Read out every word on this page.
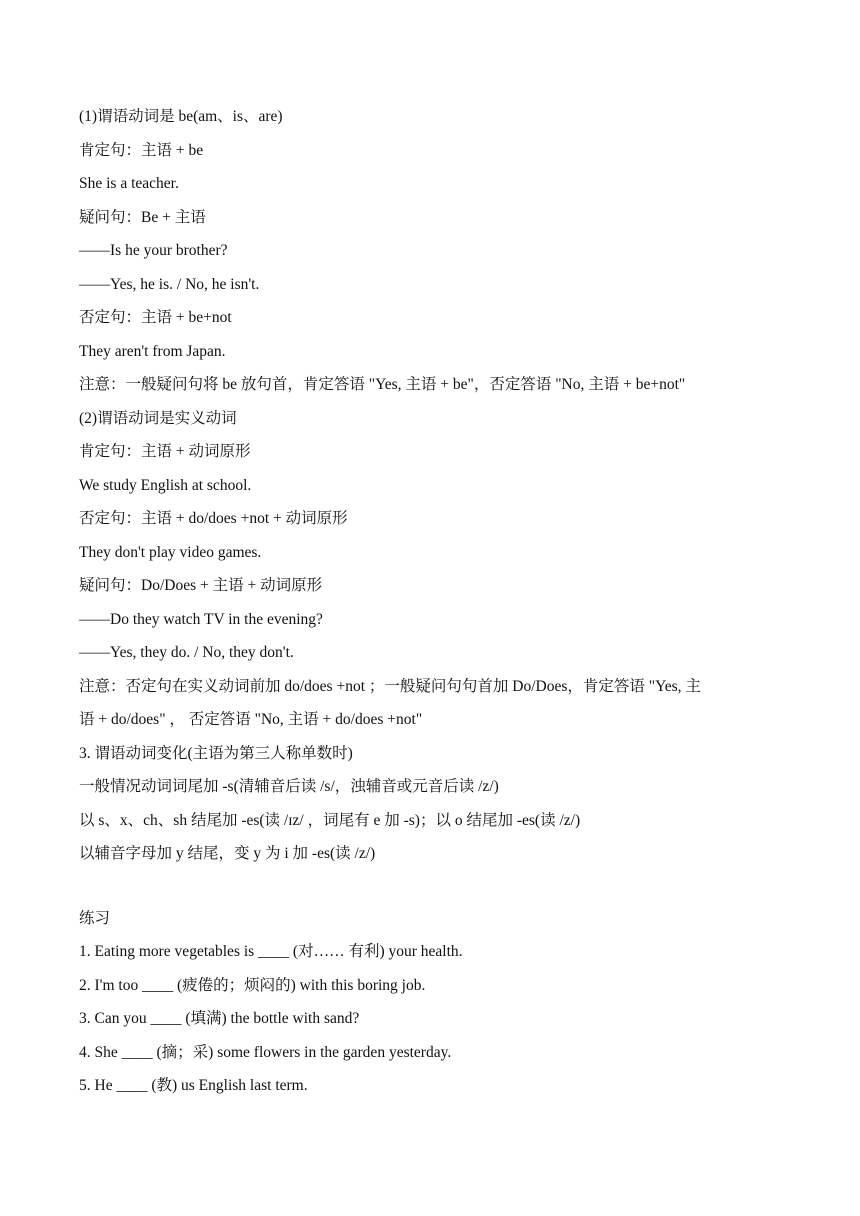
(1)谓语动词是 be(am、is、are)

肯定句：主语 + be

She is a teacher.

疑问句：Be + 主语

——Is he your brother?

——Yes, he is. / No, he isn't.

否定句：主语 + be+not

They aren't from Japan.

注意：一般疑问句将 be 放句首，肯定答语 "Yes, 主语 + be"，否定答语 "No, 主语 + be+not"

(2)谓语动词是实义动词

肯定句：主语 + 动词原形

We study English at school.

否定句：主语 + do/does +not + 动词原形

They don't play video games.

疑问句：Do/Does + 主语 + 动词原形

——Do they watch TV in the evening?

——Yes, they do. / No, they don't.

注意：否定句在实义动词前加 do/does +not ；一般疑问句句首加 Do/Does，肯定答语 "Yes, 主

语 + do/does" ， 否定答语 "No, 主语 + do/does +not"

3. 谓语动词变化(主语为第三人称单数时)

一般情况动词词尾加 -s(清辅音后读 /s/，浊辅音或元音后读 /z/)

以 s、x、ch、sh 结尾加 -es(读 /ɪz/ ，词尾有 e 加 -s)；以 o 结尾加 -es(读 /z/)

以辅音字母加 y 结尾，变 y 为 i 加 -es(读 /z/)

练习

1. Eating more vegetables is ____ (对…… 有利) your health.

2. I'm too ____ (疲倦的；烦闷的) with this boring job.

3. Can you ____ (填满) the bottle with sand?

4. She ____ (摘；采) some flowers in the garden yesterday.

5. He ____ (教) us English last term.
